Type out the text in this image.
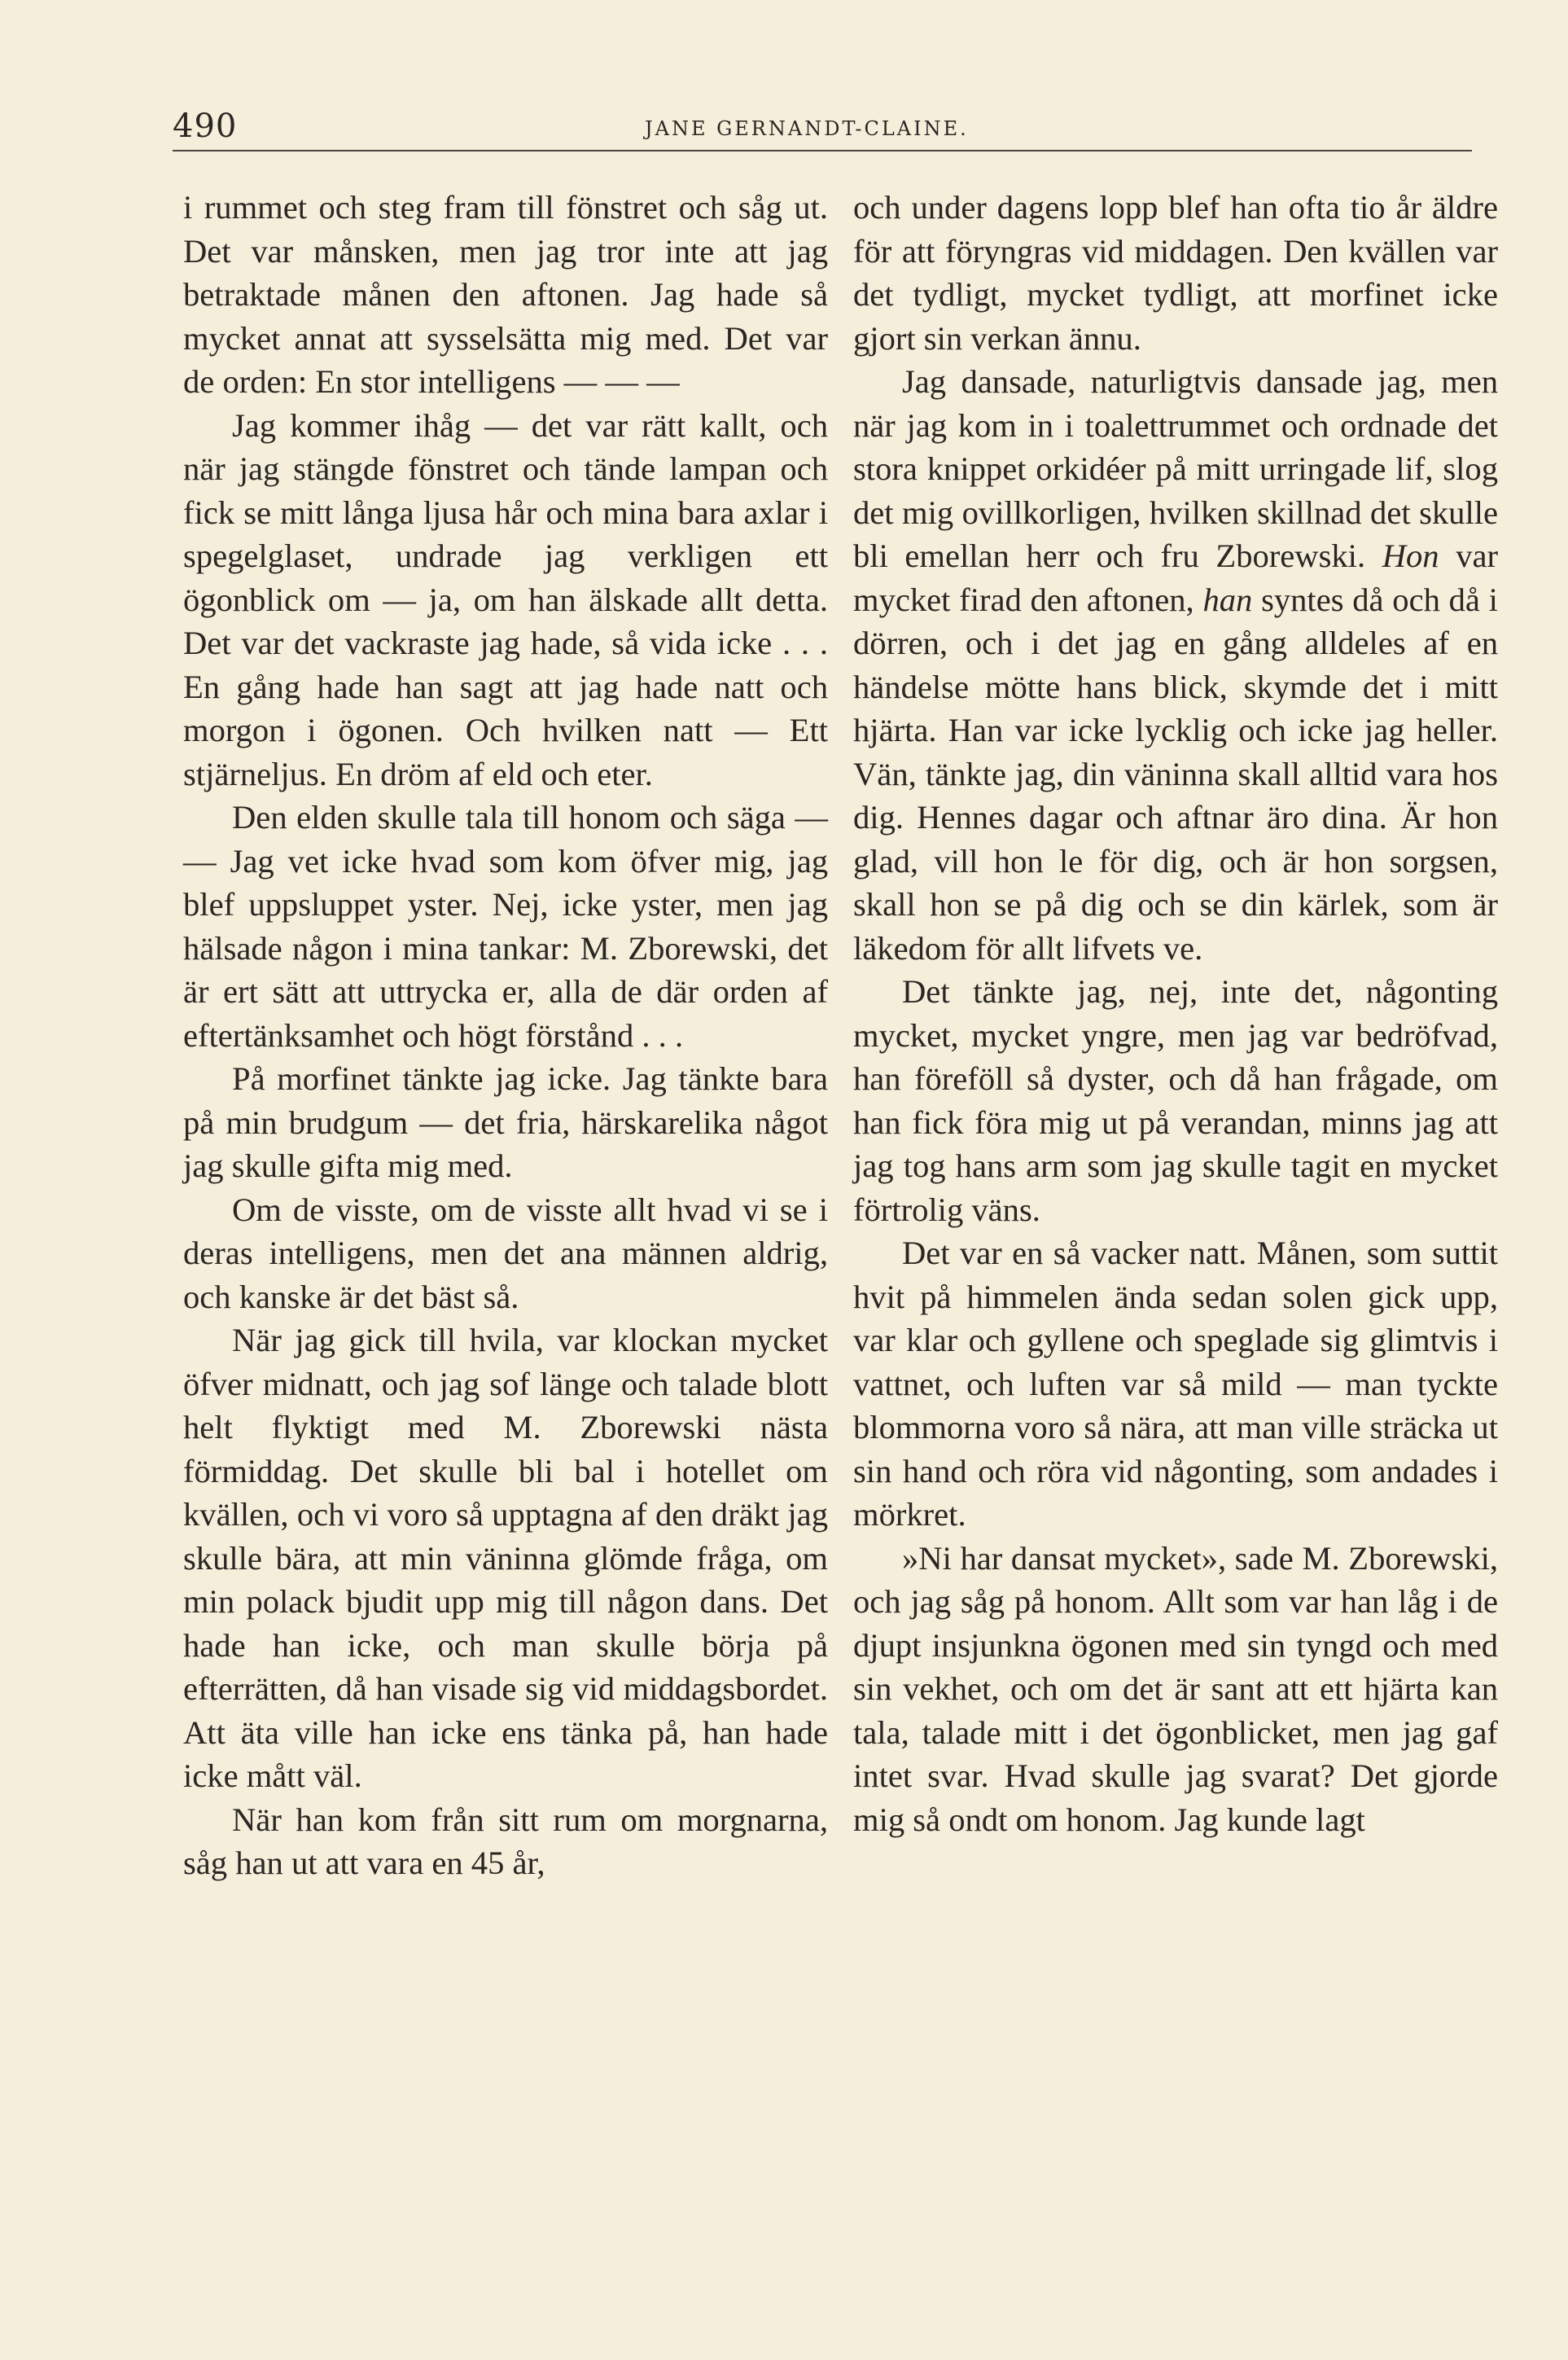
490	JANE GERNANDT-CLAINE.

i rummet och steg fram till fönstret och såg ut. Det var månsken, men jag tror inte att jag betraktade månen den aftonen. Jag hade så mycket annat att sysselsätta mig med. Det var de orden: En stor intelligens — — —

Jag kommer ihåg — det var rätt kallt, och när jag stängde fönstret och tände lampan och fick se mitt långa ljusa hår och mina bara axlar i spegelglaset, undrade jag verkligen ett ögonblick om — ja, om han älskade allt detta. Det var det vackraste jag hade, så vida icke . . . En gång hade han sagt att jag hade natt och morgon i ögonen. Och hvilken natt — Ett stjärneljus. En dröm af eld och eter.

Den elden skulle tala till honom och säga — — Jag vet icke hvad som kom öfver mig, jag blef uppsluppet yster. Nej, icke yster, men jag hälsade någon i mina tankar: M. Zborewski, det är ert sätt att uttrycka er, alla de där orden af eftertänksamhet och högt förstånd . . .

På morfinet tänkte jag icke. Jag tänkte bara på min brudgum — det fria, härskarelika något jag skulle gifta mig med.

Om de visste, om de visste allt hvad vi se i deras intelligens, men det ana männen aldrig, och kanske är det bäst så.

När jag gick till hvila, var klockan mycket öfver midnatt, och jag sof länge och talade blott helt flyktigt med M. Zborewski nästa förmiddag. Det skulle bli bal i hotellet om kvällen, och vi voro så upptagna af den dräkt jag skulle bära, att min väninna glömde fråga, om min polack bjudit upp mig till någon dans. Det hade han icke, och man skulle börja på efterrätten, då han visade sig vid middagsbordet. Att äta ville han icke ens tänka på, han hade icke mått väl.

När han kom från sitt rum om morgnarna, såg han ut att vara en 45 år,

och under dagens lopp blef han ofta tio år äldre för att föryngras vid middagen. Den kvällen var det tydligt, mycket tydligt, att morfinet icke gjort sin verkan ännu.

Jag dansade, naturligtvis dansade jag, men när jag kom in i toalettrummet och ordnade det stora knippet orkidéer på mitt urringade lif, slog det mig ovillkorligen, hvilken skillnad det skulle bli emellan herr och fru Zborewski. Hon var mycket firad den aftonen, han syntes då och då i dörren, och i det jag en gång alldeles af en händelse mötte hans blick, skymde det i mitt hjärta. Han var icke lycklig och icke jag heller. Vän, tänkte jag, din väninna skall alltid vara hos dig. Hennes dagar och aftnar äro dina. Är hon glad, vill hon le för dig, och är hon sorgsen, skall hon se på dig och se din kärlek, som är läkedom för allt lifvets ve.

Det tänkte jag, nej, inte det, någonting mycket, mycket yngre, men jag var bedröfvad, han föreföll så dyster, och då han frågade, om han fick föra mig ut på verandan, minns jag att jag tog hans arm som jag skulle tagit en mycket förtrolig väns.

Det var en så vacker natt. Månen, som suttit hvit på himmelen ända sedan solen gick upp, var klar och gyllene och speglade sig glimtvis i vattnet, och luften var så mild — man tyckte blommorna voro så nära, att man ville sträcka ut sin hand och röra vid någonting, som andades i mörkret.

»Ni har dansat mycket», sade M. Zborewski, och jag såg på honom. Allt som var han låg i de djupt insjunkna ögonen med sin tyngd och med sin vekhet, och om det är sant att ett hjärta kan tala, talade mitt i det ögonblicket, men jag gaf intet svar. Hvad skulle jag svarat? Det gjorde mig så ondt om honom. Jag kunde lagt
